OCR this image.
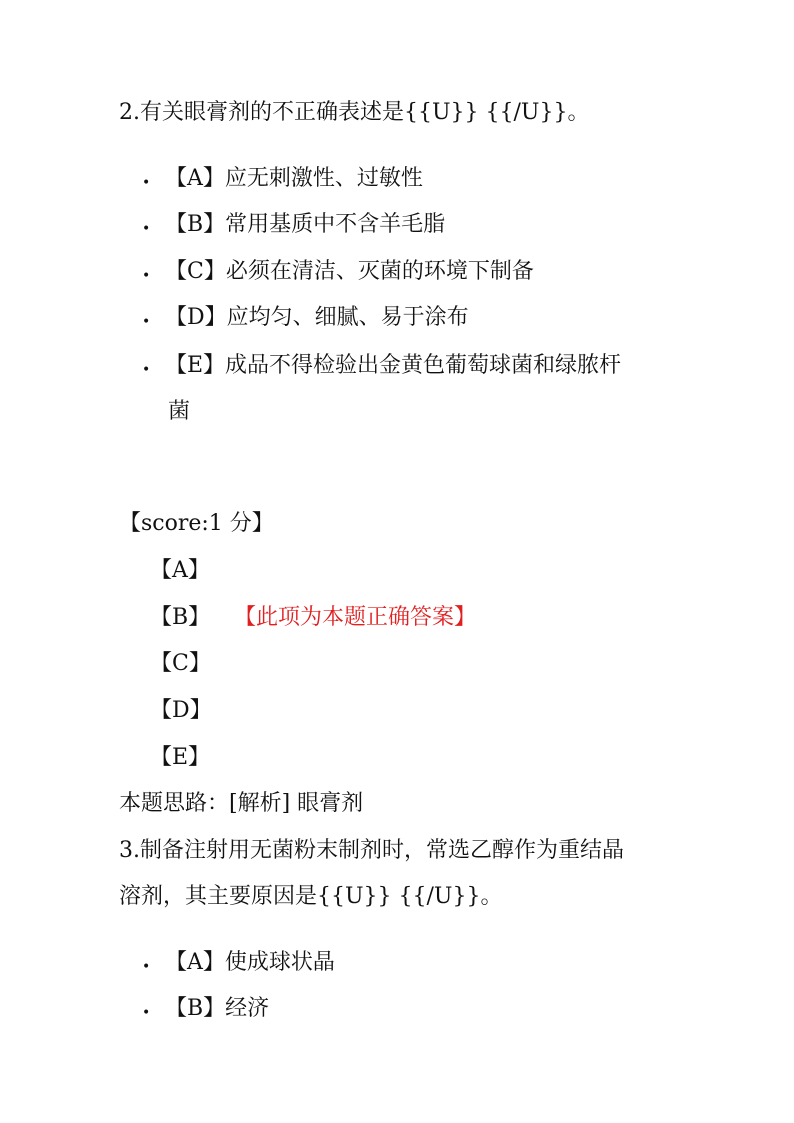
2.有关眼膏剂的不正确表述是{{U}} {{/U}}。
• 【A】应无刺激性、过敏性
• 【B】常用基质中不含羊毛脂
• 【C】必须在清洁、灭菌的环境下制备
• 【D】应均匀、细腻、易于涂布
• 【E】成品不得检验出金黄色葡萄球菌和绿脓杆
菌
【score:1 分】
【A】
【B】 【此项为本题正确答案】
【C】
【D】
【E】
本题思路：[解析] 眼膏剂
3.制备注射用无菌粉末制剂时，常选乙醇作为重结晶
溶剂，其主要原因是{{U}} {{/U}}。
• 【A】使成球状晶
• 【B】经济
